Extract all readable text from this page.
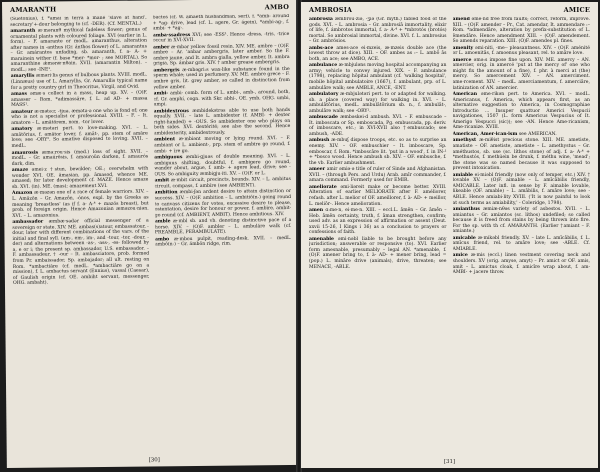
AMARANTH	AMBO

(Suetonius), f. *amai in terra á mané 'slave at hand', secretary'+-dour belonging to (cf. -DER). (Cf. MENTAL.)

amaranth æ·mǝranθ mythical fadeless flower; genus of ornamental plants with coloured foliage. XVI (earlier in L. form). – F. amarante or modL. amaranthus, alteration after names in -anthus (Gr. ánthos flower) of L. amarantus – Gr. amárantos unfading, sb. amaranth, f. a- A- + marainein wither (f. base *mer- *mor- ; see MORTAL). So amaranthine ǽmǝræ·nθain. XVII. (amarantin Milton). –modL.; see -INE¹.

amaryllis æmǝri·lis genus of bulbous plants. XVIII. modL. (Linnæus) use of L. Amaryllis, Gr. Amarullis typical name for a pretty country girl in Theocritus, Virgil, and Ovid.

amass ǝmæ·s collect in a mass, heap up. XV. – (O)F. amasser – Rom. *adimassāre, f. L. ad AD- + massa MASS¹.

amateur æ·mǝtǝ:r, -tjuǝ, æmǝtǝ·ǝ one who is fond of; one who is not a specialist or professional. XVIII. – F. – It. amatore – L. amātōrem, nom. -tor lover.

amatory æ·mǝtǝri pert. to love-making. XVI. – L. amātōrius, f. amātor lover, f. amāt-, pp. stem of amāre love; see -ORY². So amatīve disposed to loving. XVII. – medL.

amaurosis æmǝ:rou·sis (med.) loss of sight. XVII. – modL. – Gr. amaúrōsis, f. amauroûn darken, f. amaurós dark, dim.

amaze ǝmei·z †stun, bewilder; OE.; overwhelm with wonder XVI. OE. āmasian, pp. āmasod, whence ME. amased; for later development cf. MAZE. Hence amaze sb. XVI. (in). ME. (mas); amazement XVI.

Amazon æ·mǝzǝn one of a race of female warriors. XIV. – L. Amāzōn – Gr. Amazṓn, -ónos, expl. by the Greeks as meaning 'breastless' (as if f. a- A-⁴ + mazós breast), but prob. of foreign origin. Hence Amazonian æmǝzou·niǝn. XVI. – L. amazonius.

ambassador æmbæ·sǝdǝr official messenger of a sovereign or state. XIV. ME. ambas(s)atour, embassatour, -dour, later with different combinations of the vars. of the initial and final syll. (am-, em-, im-, and -tour, -tor, -dour, -der) and alternations between -as-, -ass-, -es- followed by a, e or i; the present sp. ambassador, U.S. embassador. – F. ambassadeur, † -our – It. ambasciatore, prob. formed from Pr. ambaissador, Sp. ambajador; all ult. resting on Rom. *ambactiāre (cf. medL. *ambactiāre go on a mission), f. L. ambactus servant (Ennius), vassal (Caesar), of Gaulish origin (cf. OE. ambiht servant, messenger, OHG. ambaht).

bactos (cf. W. amaeth husbandman, serf), f. *amb- around + *ag- drive, lead (cf. L. agere, Gr. ágein), *ambi-ag-, f. ambi- + *ag-.

amba·ssadress XVI; see -ESS¹. Hence -dress, -tris, -trice occur in XVI-XVII.

amber æ·mbǝr yellow fossil resin. XIV. ME. ambre – (O)F. ambre – Ar. 'anbar ambergris, later amber. So the F. ambre jaune, and It. ambra gialla, yellow amber, It. ambra grigia, Sp. ámbar gris. XIV. † amber grease ambergris.

ambergris æ·mbǝgri:s wax-like substance found in the sperm whale; used in perfumery. XV. ME. ambre grece – F. ambre gris, lit. grey amber, so called in distinction from yellow amber.

ambi- ambi- comb. form of L. ambi-, amb-, around, both, cf. Gr. amphí, cogn. with Skr. abhí-, OE. ymb, OHG. umbi, umpi.

ambidextrous æmbidekstrǝs able to use both hands equally. XVII. – late L. ambidexter (f. AMBI- + dexter right-handed) + -OUS. So ambidexter one who plays on both sides. XVI. dextérité; see also the second. Hence ambidexterity, ambidextrously.

ambient æ·mbiǝnt moving or lying round. XVI. – F. ambiant or L. ambient-, prp. stem of ambīre go round, f. ambi- + īre go.

ambiguous æmbi·gjuǝs of double meaning. XVI. – L. ambiguus shifting, doubtful, f. ambigere go round, wander about, argue, f. amb- + agere lead, drive; see -OUS. So ambiguity æmbigju·iti. XV. – (O)F. or L.

ambit æ·mbit circuit, precincts, bounds. XIV. – L. ambitus circuit, compass, f. ambīre (see AMBIENT).

ambition æmbi·ʃǝn ardent desire to attain distinction or success. XIV. – (O)F. ambition – L. ambitiō(n-) going round to canvass citizens for votes, excessive desire to please, ostentation, desire for honour or power, f. ambīre, ambit- go round (cf. AMBIENT, AMBIT). Hence ambitious. XIV.

amble æ·mbl sb. and vb. denoting distinctive pace of a horse. XIV. – (O)F. ambler – L. ambulāre walk (cf. PREAMBLE, PERAMBULATE).

ambo æ·mbou pulpit, reading-desk. XVII. – medL. ambō(n-) – Gr. ámbōn ridge, rim.

[30]
AMBROSIA	AMICE

ambrosia æmbrou·ziǝ, -ʒiǝ (Gr. myth.) fabled food of the gods. XVI. – L. ambrosia – Gr. ambrosíā immortality, elixir of life, f. ámbrotos immortal, f. a- A-⁴ + *mbrotós (brotós) mortal. So ambrosial immortal, divine. XVI. f. L. ambrosius – Gr. ambrósios.

ambs-ace ames-ace ei·mzeis, æ·mzeis double ace (the lowest throw at dice). XIII. – OF. ambes as :– L. ambō ās both, an ace; see AMBO, ACE.

ambulance æ·mbjulǝns moving hospital accompanying an army; vehicle to convey injured. XIX. – F. ambulance (1798), replacing hôpital ambulant (cf. 'walking hospital', mobile hôpital ambulatoire (1667), f. ambulant, prp. of L. ambulāre walk; see AMBLE, ANCE, -ENT.

ambulatory æ·mbjulǝtǝri pert. to or adapted for walking. sb. a place (covered way) for walking in. XVI. – L. ambulātōrius, medL. ambulātōrium sb. n., f. ambulāt-, ambulāre walk; see -ORY¹.

ambuscade æmbǝskei·d ambush. XVI. – F. embuscade – It. imboscata or Sp. emboscada, Pg. embuscada, pp. deriv. of imboscare, etc.; in XVI-XVII also †embuscado; see ambush, -ADE.

ambush æ·mbuʃ dispose troops, etc. so as to surprise an enemy. XIV. – OF. embuschier – It. imboscare, Sp. emboscar, f. Rom. *imboscāre lit. 'put in a wood', f. in IN-¹ + *bosco wood. Hence ambush sb. XIV. – OF. embusche, f. the vb. Earlier ambushment.

ameer amir ǝmiǝ·ǝ title of ruler of Sinde and Afghanistan. XVII. – (through Pers. and Urdu) Arab. amīr commander, f. amara command. Formerly used for EMIR.

ameliorate ǝmi·liǝreit make or become better. XVIII. Alteration of earlier MELIORATE after F. améliorer, refash. after L. melior of OF. ameillorer, f. à- AD- + meillor, L. meliōr-. Hence amelioration.

amen ɑ:me·n, ei·me·n. XIII. – eccl.L. āmēn – Gr. āmḗn – Heb. āmēn certainty, truth, f. āman strengthen, confirm; used adv. as an expression of affirmation or assent (Deut. xxvii 15-26, I Kings i 36) as a conclusion to prayers or confessions of faith.

amenable ǝmi·nǝbl liable to be brought before any jurisdiction; answerable or responsive (to). XVI. Earlier form amesnable, presumably – legal AN. *amenable, f. (O)F. amener bring to, f. à- AD- + mener bring, lead = (pop.) L. mināre drive (animals), drive, threaten; see MENACE, -ABLE.

amend ǝme·nd free from faults; correct, reform, improve. XIII. – (O)F. amender – Pr., Cat. amendar, It. ammendare :– Rom. *admendāre, alteration by prefix-substitution of L. ēmendāre. Hence amendment XIII. – (O)F. amendement. So amends reparation. XIII. (O)F. amendes pl. fines.

amenity ǝmi·niti, -me·- pleasantness. XIV. – (O)F. aménité or L. amoenitās, f. amoenus pleasant, rel. to amāre love.

amerce ǝmǝ:s impose fine upon. XIV. ME. amercy – AN. amercier, orig. in amercé 'put at the mercy of' one who might fix the amount of a fine), f. phr. à merci at (the) mercy. So amercement XIV. – AN. amerciment. ame·rcement. XIV. – medL. amerciamentum, f. amerciāre, latinization of AN. amercier.

American ǝme·rikǝn pert. to America. XVI. – modL. Americanus, f. America, which appears first, as an alternative suggestion to America, in Cosmographiae Introductio ... Insuper quattuor Americi Vespucii navigationes, 1507 (L. form Americus Vespucius of It. Amerigo Vespucci (sic)); see -AN. Hence Ame·ricanism, Ame·ricanize. XVIII.

American, Amer·ican·ism see AMERICAN.

amethyst æ·miθist precious stone. XIII. ME. ametiste, amatiste – OF. ametiste, ametiste – L. amethystus – Gr. améthustos, sb. use (sc. líthos stone) of adj. f. a- A-⁴ + *methustós, f. methúein be drunk, f. méthu wine, 'mead'; the stone was so named because it was supposed to prevent intoxication.

amiable ei·miǝbl friendly (now only of temper, etc.) XIV. † lovable XV. – (O)F. aimable – L. amīcābilis friendly, AMICABLE. Later infl. in sense by F. aimable lovable, likeable (OF. amable) – L. amābilis, f. amāre love; see -ABLE. Hence amiabi·lity XVIII. ('It is now painful to look at such terms as amiability,' - Coleridge, 1798).

amianthus æmiæ·nθǝs variety of asbestos. XVII. – L. amiantus – Gr. amíantos (sc. líthos) undefiled; so called because it is freed from stains by being thrown into fire. For the sp. with th cf. AMARANTH. (Earlier †amiant – F. amiante.)

amicable æ·mikǝbl friendly. XV. – late L. amīcābilis, f. L. amīcus friend, rel. to amāre love; see -ABLE. Cf. AMIABLE.

amice æ·mis (eccl.) linen vestment covering neck and shoulders. XV (orig. amyse, amyt) – Pr. amict or OF. amis, amit – L. amictus cloak, f. amicīre wrap about, f. am- AMBI- + jacere throw.

[31]
